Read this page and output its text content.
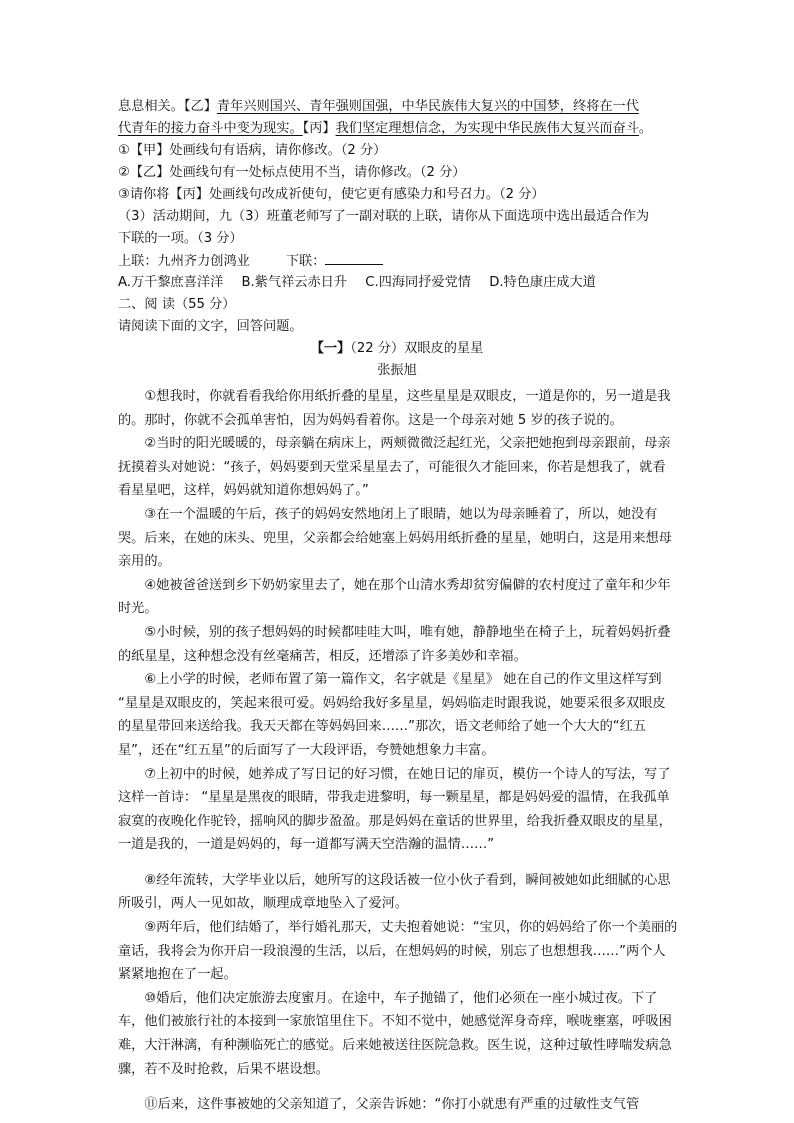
息息相关。【乙】青年兴则国兴、青年强则国强，中华民族伟大复兴的中国梦，终将在一代
代青年的接力奋斗中变为现实。【丙】我们坚定理想信念，为实现中华民族伟大复兴而奋斗。
①【甲】处画线句有语病，请你修改。（2 分）
②【乙】处画线句有一处标点使用不当，请你修改。（2 分）
③请你将【丙】处画线句改成祈使句，使它更有感染力和号召力。（2 分）
（3）活动期间，九（3）班董老师写了一副对联的上联，请你从下面选项中选出最适合作为
下联的一项。（3 分）
上联：九州齐力创鸿业	下联：
A.万千黎庶喜洋洋 B.紫气祥云赤日升 C.四海同抒爱党情 D.特色康庄成大道
二、阅 读（55 分）
请阅读下面的文字，回答问题。
【一】（22 分）双眼皮的星星
张振旭

①想我时，你就看看我给你用纸折叠的星星，这些星星是双眼皮，一道是你的，另一道是我的。那时，你就不会孤单害怕，因为妈妈看着你。这是一个母亲对她 5 岁的孩子说的。

②当时的阳光暖暖的，母亲躺在病床上，两颊微微泛起红光，父亲把她抱到母亲跟前，母亲抚摸着头对她说：“孩子，妈妈要到天堂采星星去了，可能很久才能回来，你若是想我了，就看看星星吧，这样，妈妈就知道你想妈妈了。”

③在一个温暖的午后，孩子的妈妈安然地闭上了眼睛，她以为母亲睡着了，所以，她没有哭。后来，在她的床头、兜里，父亲都会给她塞上妈妈用纸折叠的星星，她明白，这是用来想母亲用的。

④她被爸爸送到乡下奶奶家里去了，她在那个山清水秀却贫穷偏僻的农村度过了童年和少年时光。

⑤小时候，别的孩子想妈妈的时候都哇哇大叫，唯有她，静静地坐在椅子上，玩着妈妈折叠的纸星星，这种想念没有丝毫痛苦，相反，还增添了许多美妙和幸福。

⑥上小学的时候，老师布置了第一篇作文，名字就是《星星》 她在自己的作文里这样写到 “星星是双眼皮的，笑起来很可爱。妈妈给我好多星星，妈妈临走时跟我说，她要采很多双眼皮的星星带回来送给我。我天天都在等妈妈回来……”那次，语文老师给了她一个大大的“红五星”，还在“红五星”的后面写了一大段评语，夸赞她想象力丰富。

⑦上初中的时候，她养成了写日记的好习惯，在她日记的扉页，模仿一个诗人的写法，写了这样一首诗： “星星是黑夜的眼睛，带我走进黎明，每一颗星星，都是妈妈爱的温情，在我孤单寂寞的夜晚化作驼铃，摇响风的脚步盈盈。那是妈妈在童话的世界里，给我折叠双眼皮的星星，一道是我的，一道是妈妈的，每一道都写满天空浩瀚的温情……”

⑧经年流转，大学毕业以后，她所写的这段话被一位小伙子看到，瞬间被她如此细腻的心思所吸引，两人一见如故，顺理成章地坠入了爱河。

⑨两年后，他们结婚了，举行婚礼那天，丈夫抱着她说：“宝贝，你的妈妈给了你一个美丽的童话，我将会为你开启一段浪漫的生活，以后，在想妈妈的时候，别忘了也想想我……”两个人紧紧地抱在了一起。

⑩婚后，他们决定旅游去度蜜月。在途中，车子抛锚了，他们必须在一座小城过夜。下了车，他们被旅行社的本接到一家旅馆里住下。不知不觉中，她感觉浑身奇痒，喉咙壅塞，呼吸困难，大汗淋漓，有种濒临死亡的感觉。后来她被送往医院急救。医生说，这种过敏性哮喘发病急骤，若不及时抢救，后果不堪设想。

⑪后来，这件事被她的父亲知道了，父亲告诉她：“你打小就患有严重的过敏性支气管
